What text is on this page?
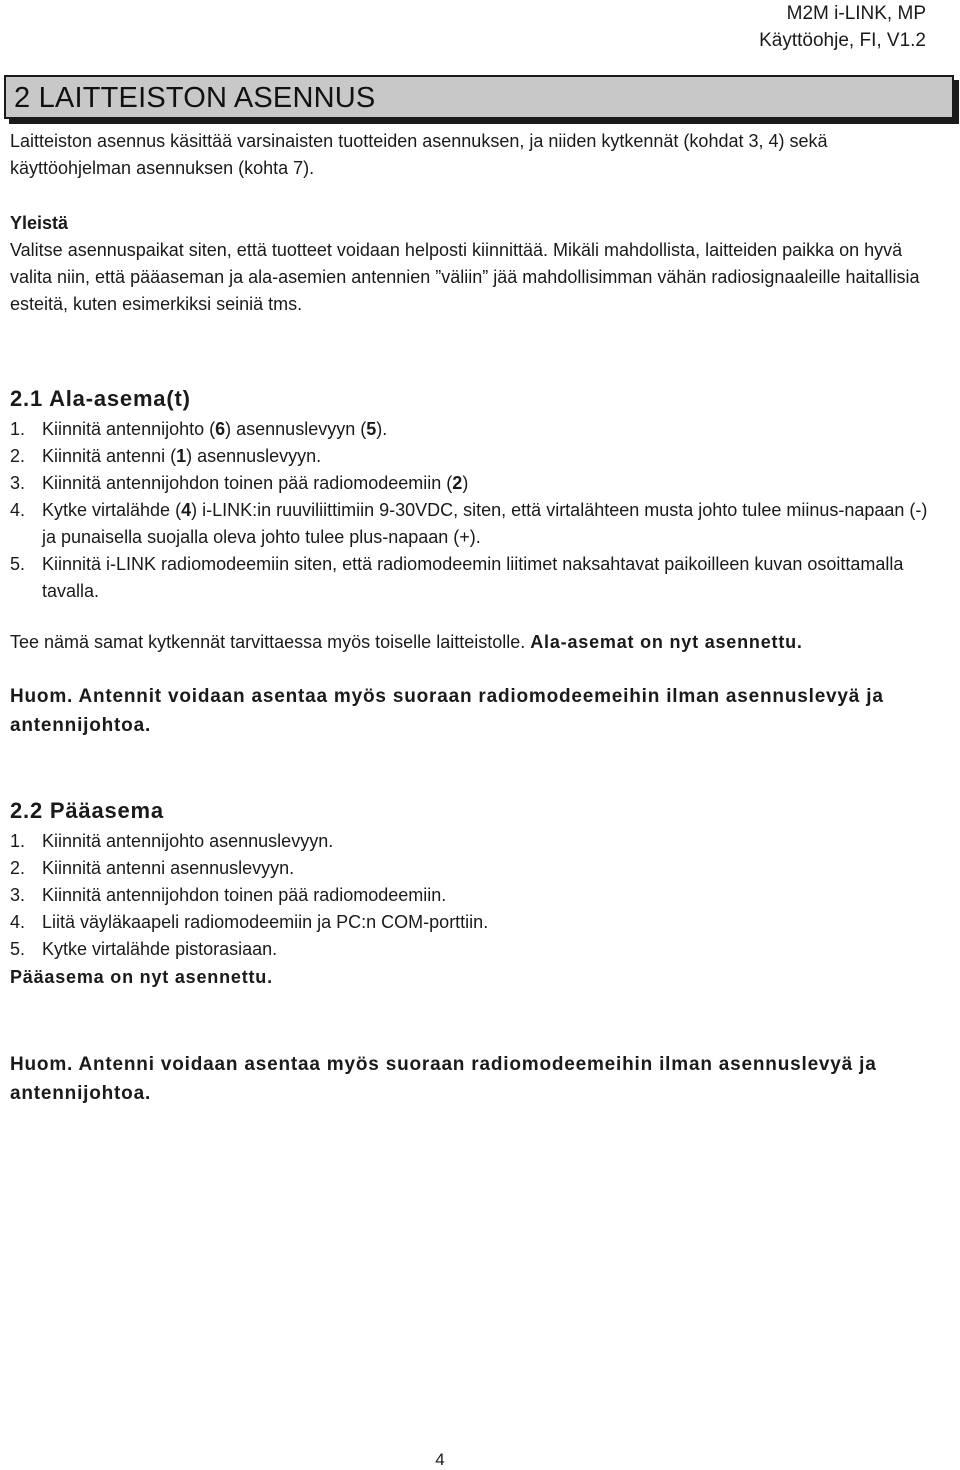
M2M i-LINK, MP
Käyttöohje, FI, V1.2
2 LAITTEISTON ASENNUS

Laitteiston asennus käsittää varsinaisten tuotteiden asennuksen, ja niiden kytkennät (kohdat 3, 4) sekä käyttöohjelman asennuksen (kohta 7).

Yleistä

Valitse asennuspaikat siten, että tuotteet voidaan helposti kiinnittää. Mikäli mahdollista, laitteiden paikka on hyvä valita niin, että pääaseman ja ala-asemien antennien ”väliin” jää mahdollisimman vähän radiosignaaleille haitallisia esteitä, kuten esimerkiksi seiniä tms.

2.1 Ala-asema(t)

1. Kiinnitä antennijohto (6) asennuslevyyn (5).
2. Kiinnitä antenni (1) asennuslevyyn.
3. Kiinnitä antennijohdon toinen pää radiomodeemiin (2)
4. Kytke virtalähde (4) i-LINK:in ruuviliittimiin 9-30VDC, siten, että virtalähteen musta johto tulee miinus-napaan (-) ja punaisella suojalla oleva johto tulee plus-napaan (+).
5. Kiinnitä i-LINK radiomodeemiin siten, että radiomodeemin liitimet naksahtavat paikoilleen kuvan osoittamalla tavalla.

Tee nämä samat kytkennät tarvittaessa myös toiselle laitteistolle. Ala-asemat on nyt asennettu.

Huom. Antennit voidaan asentaa myös suoraan radiomodeemeihin ilman asennuslevyä ja antennijohtoa.

2.2 Pääasema

1. Kiinnitä antennijohto asennuslevyyn.
2. Kiinnitä antenni asennuslevyyn.
3. Kiinnitä antennijohdon toinen pää radiomodeemiin.
4. Liitä väyläkaapeli radiomodeemiin ja PC:n COM-porttiin.
5. Kytke virtalähde pistorasiaan.

Pääasema on nyt asennettu.

Huom. Antenni voidaan asentaa myös suoraan radiomodeemeihin ilman asennuslevyä ja antennijohtoa.

4
